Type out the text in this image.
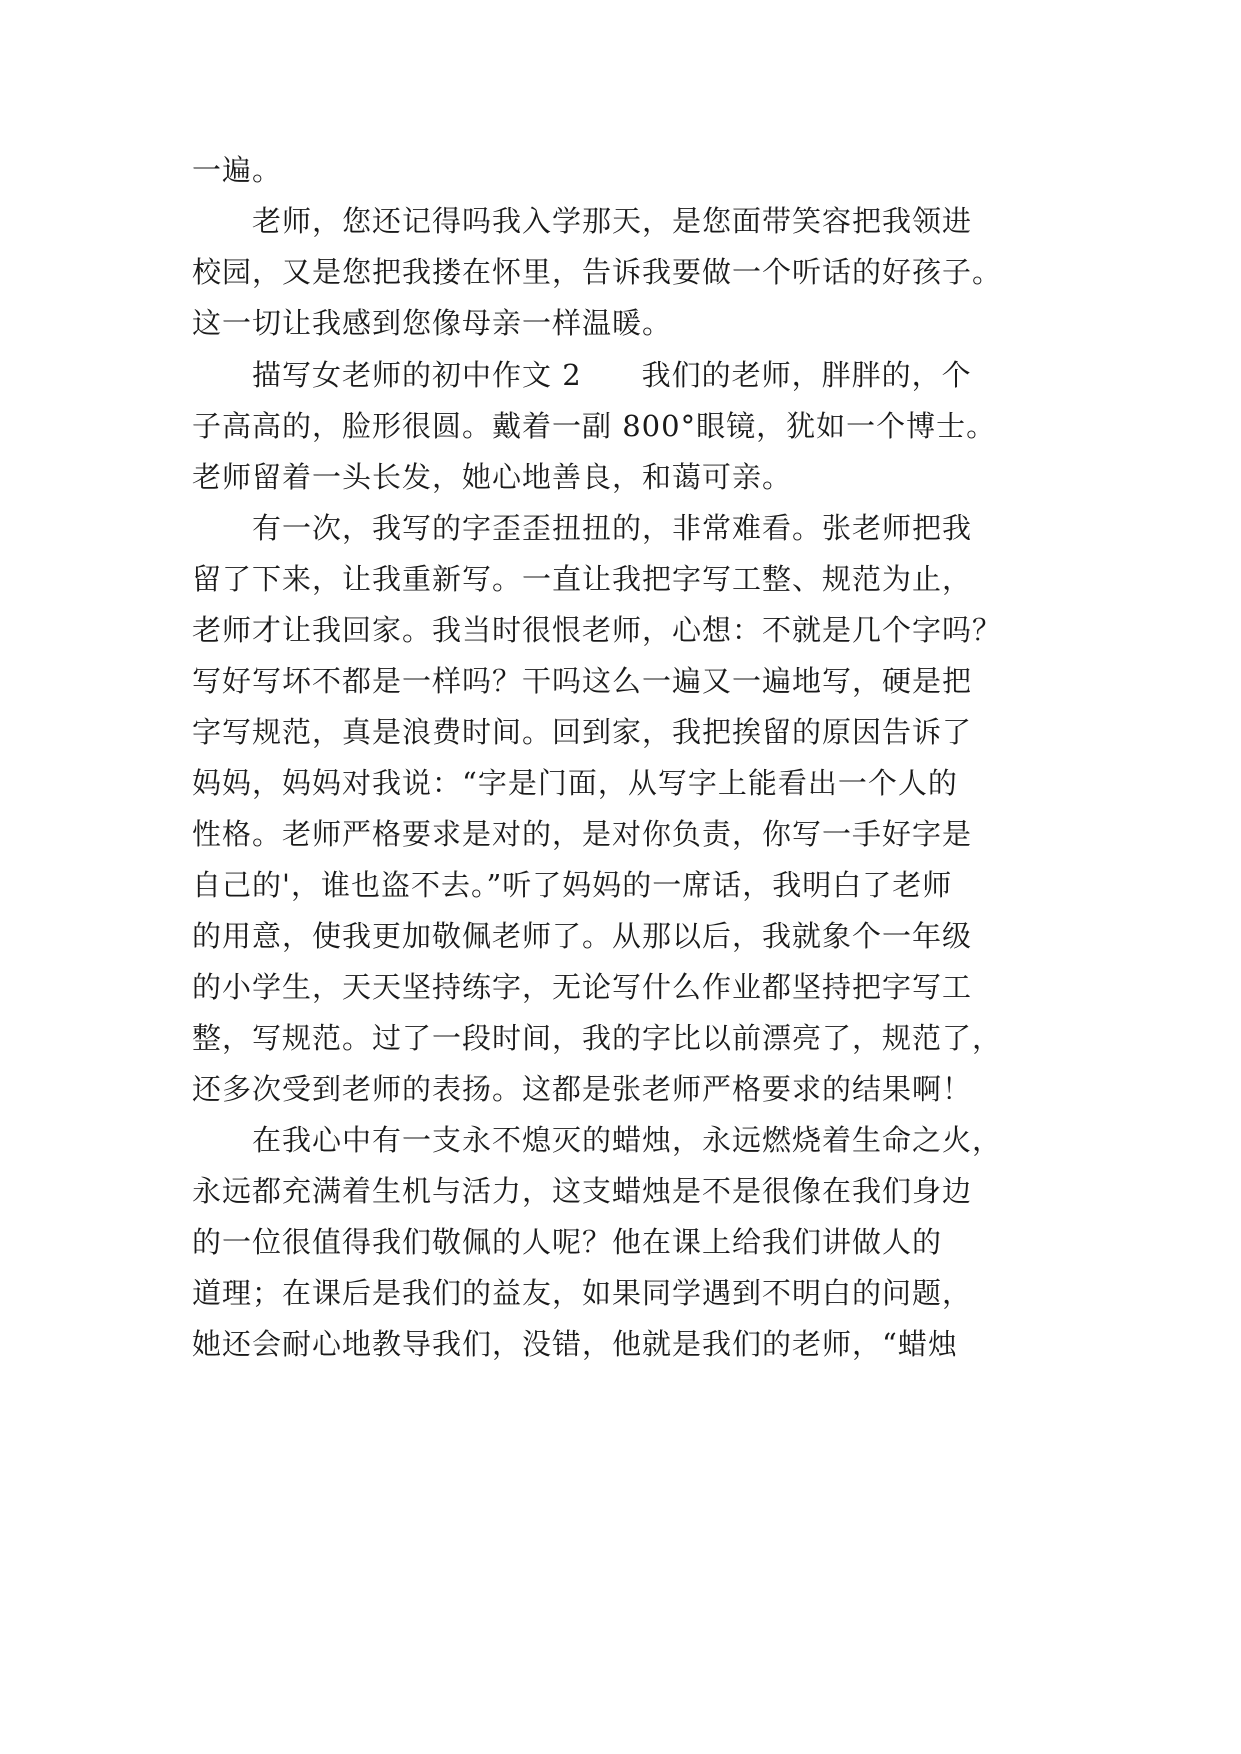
一遍。
老师，您还记得吗我入学那天，是您面带笑容把我领进
校园，又是您把我搂在怀里，告诉我要做一个听话的好孩子。
这一切让我感到您像母亲一样温暖。
描写女老师的初中作文 2　　我们的老师，胖胖的，个
子高高的，脸形很圆。戴着一副 800°眼镜，犹如一个博士。
老师留着一头长发，她心地善良，和蔼可亲。
有一次，我写的字歪歪扭扭的，非常难看。张老师把我
留了下来，让我重新写。一直让我把字写工整、规范为止，
老师才让我回家。我当时很恨老师，心想：不就是几个字吗？
写好写坏不都是一样吗？干吗这么一遍又一遍地写，硬是把
字写规范，真是浪费时间。回到家，我把挨留的原因告诉了
妈妈，妈妈对我说：“字是门面，从写字上能看出一个人的
性格。老师严格要求是对的，是对你负责，你写一手好字是
自己的'，谁也盗不去。”听了妈妈的一席话，我明白了老师
的用意，使我更加敬佩老师了。从那以后，我就象个一年级
的小学生，天天坚持练字，无论写什么作业都坚持把字写工
整，写规范。过了一段时间，我的字比以前漂亮了，规范了，
还多次受到老师的表扬。这都是张老师严格要求的结果啊！
在我心中有一支永不熄灭的蜡烛，永远燃烧着生命之火，
永远都充满着生机与活力，这支蜡烛是不是很像在我们身边
的一位很值得我们敬佩的人呢？他在课上给我们讲做人的
道理；在课后是我们的益友，如果同学遇到不明白的问题，
她还会耐心地教导我们，没错，他就是我们的老师，“蜡烛
